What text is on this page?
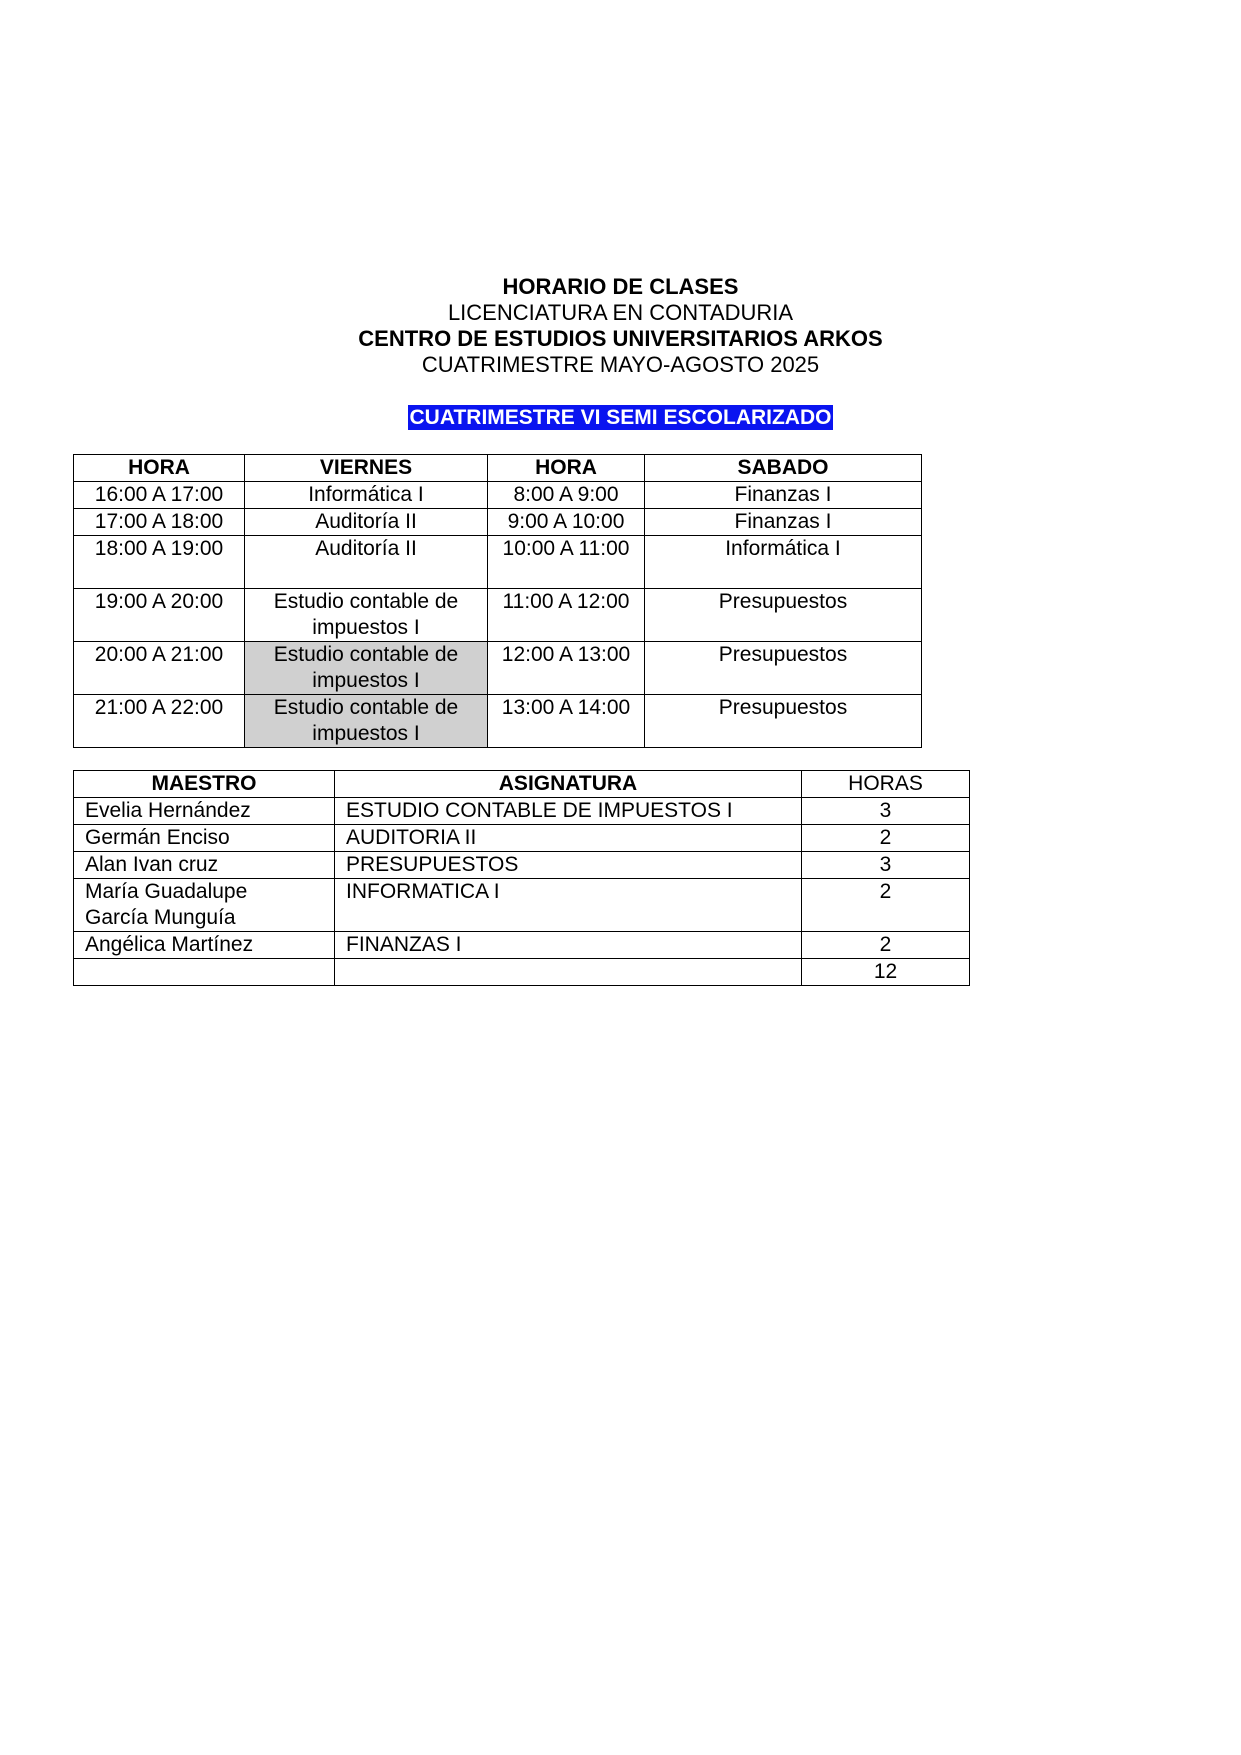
HORARIO DE CLASES
LICENCIATURA EN CONTADURIA
CENTRO DE ESTUDIOS UNIVERSITARIOS ARKOS
CUATRIMESTRE MAYO-AGOSTO 2025
CUATRIMESTRE VI SEMI ESCOLARIZADO
HORA	VIERNES	HORA	SABADO
16:00 A 17:00	Informática I	8:00 A 9:00	Finanzas I
17:00 A 18:00	Auditoría II	9:00 A 10:00	Finanzas I
18:00 A 19:00	Auditoría II	10:00 A 11:00	Informática I
19:00 A 20:00	Estudio contable de impuestos I	11:00 A 12:00	Presupuestos
20:00 A 21:00	Estudio contable de impuestos I	12:00 A 13:00	Presupuestos
21:00 A 22:00	Estudio contable de impuestos I	13:00 A 14:00	Presupuestos
MAESTRO	ASIGNATURA	HORAS
Evelia Hernández	ESTUDIO CONTABLE DE IMPUESTOS I	3
Germán Enciso	AUDITORIA II	2
Alan Ivan cruz	PRESUPUESTOS	3
María Guadalupe García Munguía	INFORMATICA I	2
Angélica Martínez	FINANZAS I	2
		12
